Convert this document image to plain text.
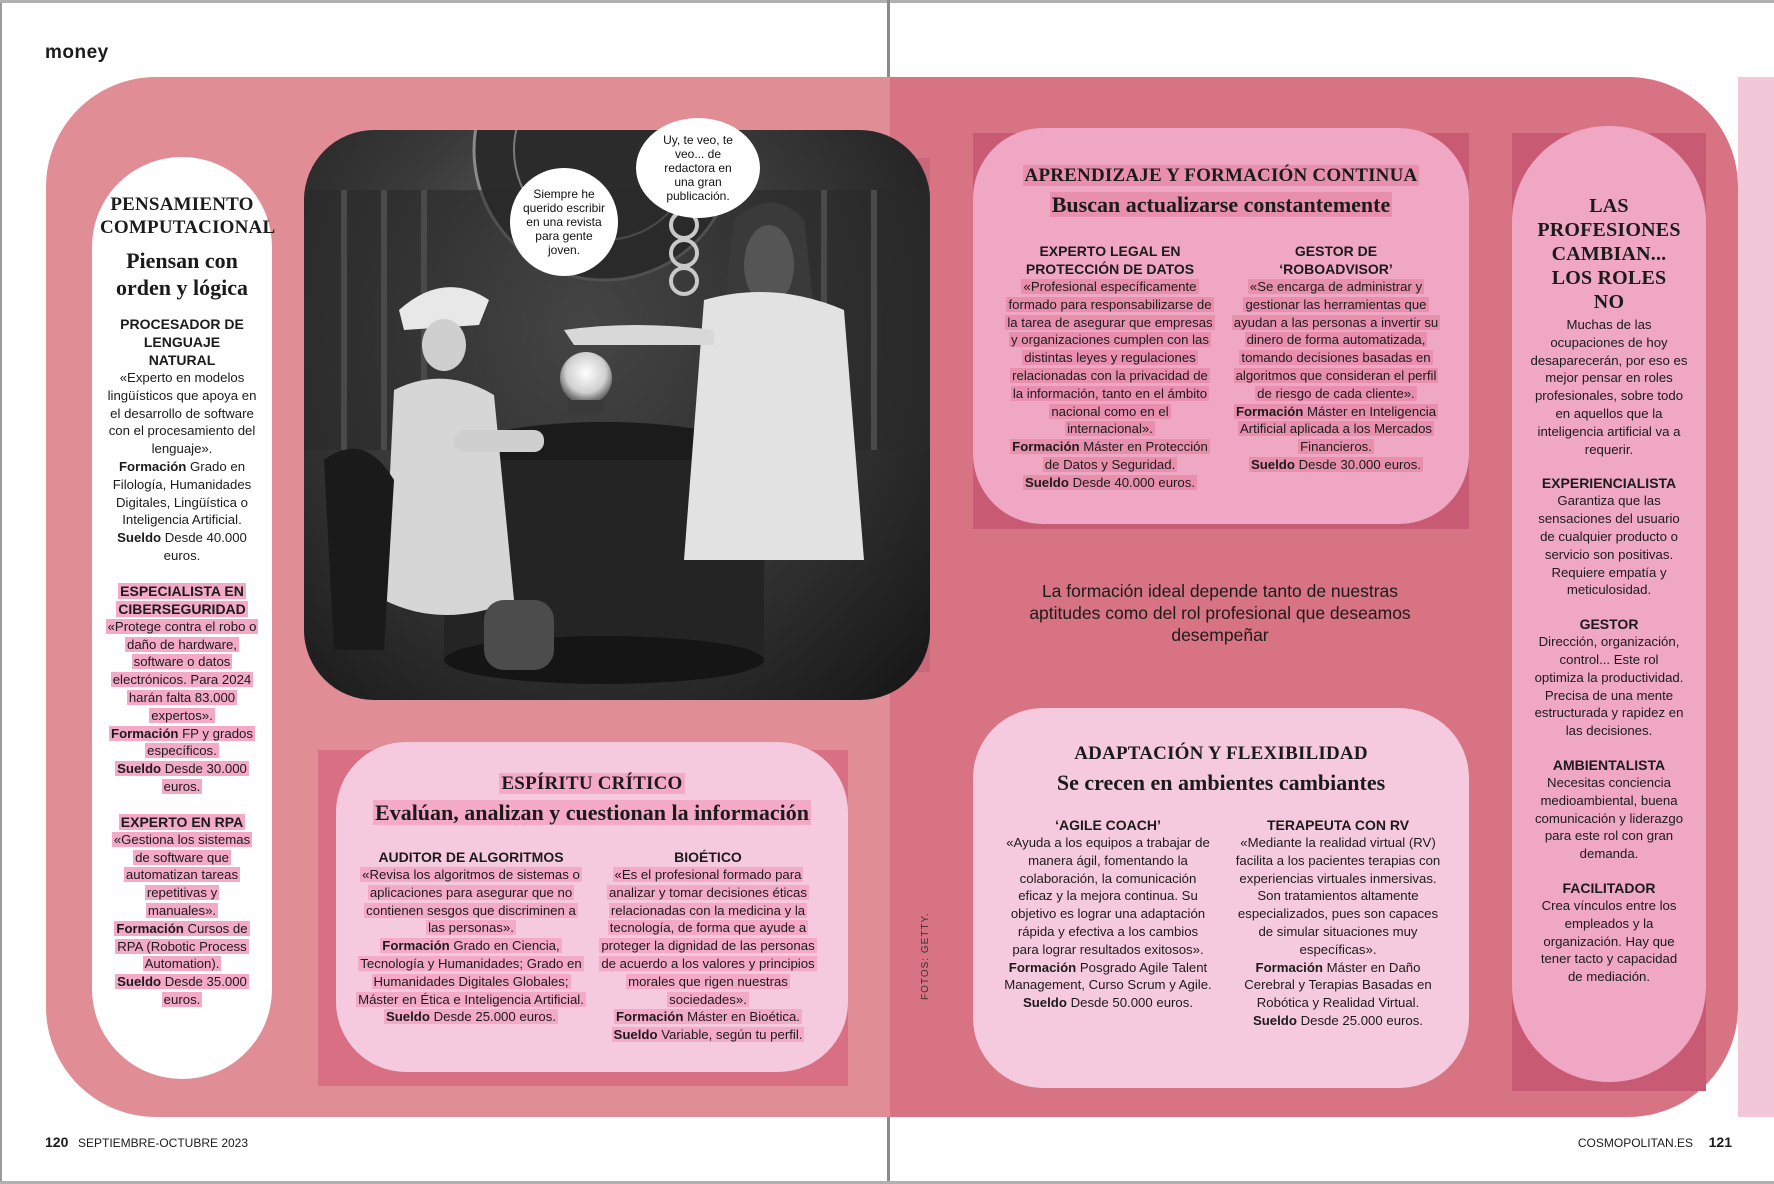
money
PENSAMIENTO COMPUTACIONAL
Piensan con orden y lógica
PROCESADOR DE LENGUAJE NATURAL
«Experto en modelos lingüísticos que apoya en el desarrollo de software con el procesamiento del lenguaje».
Formación Grado en Filología, Humanidades Digitales, Lingüística o Inteligencia Artificial.
Sueldo Desde 40.000 euros.
ESPECIALISTA EN CIBERSEGURIDAD
«Protege contra el robo o daño de hardware, software o datos electrónicos. Para 2024 harán falta 83.000 expertos».
Formación FP y grados específicos.
Sueldo Desde 30.000 euros.
EXPERTO EN RPA
«Gestiona los sistemas de software que automatizan tareas repetitivas y manuales».
Formación Cursos de RPA (Robotic Process Automation).
Sueldo Desde 35.000 euros.
Siempre he querido escribir en una revista para gente joven.
Uy, te veo, te veo... de redactora en una gran publicación.
ESPÍRITU CRÍTICO
Evalúan, analizan y cuestionan la información
AUDITOR DE ALGORITMOS
«Revisa los algoritmos de sistemas o aplicaciones para asegurar que no contienen sesgos que discriminen a las personas».
Formación Grado en Ciencia, Tecnología y Humanidades; Grado en Humanidades Digitales Globales; Máster en Ética e Inteligencia Artificial.
Sueldo Desde 25.000 euros.
BIOÉTICO
«Es el profesional formado para analizar y tomar decisiones éticas relacionadas con la medicina y la tecnología, de forma que ayude a proteger la dignidad de las personas de acuerdo a los valores y principios morales que rigen nuestras sociedades».
Formación Máster en Bioética.
Sueldo Variable, según tu perfil.
APRENDIZAJE Y FORMACIÓN CONTINUA
Buscan actualizarse constantemente
EXPERTO LEGAL EN PROTECCIÓN DE DATOS
«Profesional específicamente formado para responsabilizarse de la tarea de asegurar que empresas y organizaciones cumplen con las distintas leyes y regulaciones relacionadas con la privacidad de la información, tanto en el ámbito nacional como en el internacional».
Formación Máster en Protección de Datos y Seguridad.
Sueldo Desde 40.000 euros.
GESTOR DE ‘ROBOADVISOR’
«Se encarga de administrar y gestionar las herramientas que ayudan a las personas a invertir su dinero de forma automatizada, tomando decisiones basadas en algoritmos que consideran el perfil de riesgo de cada cliente».
Formación Máster en Inteligencia Artificial aplicada a los Mercados Financieros.
Sueldo Desde 30.000 euros.
La formación ideal depende tanto de nuestras aptitudes como del rol profesional que deseamos desempeñar
ADAPTACIÓN Y FLEXIBILIDAD
Se crecen en ambientes cambiantes
‘AGILE COACH’
«Ayuda a los equipos a trabajar de manera ágil, fomentando la colaboración, la comunicación eficaz y la mejora continua. Su objetivo es lograr una adaptación rápida y efectiva a los cambios para lograr resultados exitosos».
Formación Posgrado Agile Talent Management, Curso Scrum y Agile.
Sueldo Desde 50.000 euros.
TERAPEUTA CON RV
«Mediante la realidad virtual (RV) facilita a los pacientes terapias con experiencias virtuales inmersivas. Son tratamientos altamente especializados, pues son capaces de simular situaciones muy específicas».
Formación Máster en Daño Cerebral y Terapias Basadas en Robótica y Realidad Virtual.
Sueldo Desde 25.000 euros.
LAS PROFESIONES CAMBIAN... LOS ROLES NO
Muchas de las ocupaciones de hoy desaparecerán, por eso es mejor pensar en roles profesionales, sobre todo en aquellos que la inteligencia artificial va a requerir.
EXPERIENCIALISTA
Garantiza que las sensaciones del usuario de cualquier producto o servicio son positivas. Requiere empatía y meticulosidad.
GESTOR
Dirección, organización, control... Este rol optimiza la productividad. Precisa de una mente estructurada y rapidez en las decisiones.
AMBIENTALISTA
Necesitas conciencia medioambiental, buena comunicación y liderazgo para este rol con gran demanda.
FACILITADOR
Crea vínculos entre los empleados y la organización. Hay que tener tacto y capacidad de mediación.
FOTOS: GETTY.
120 SEPTIEMBRE-OCTUBRE 2023	COSMOPOLITAN.ES 121
